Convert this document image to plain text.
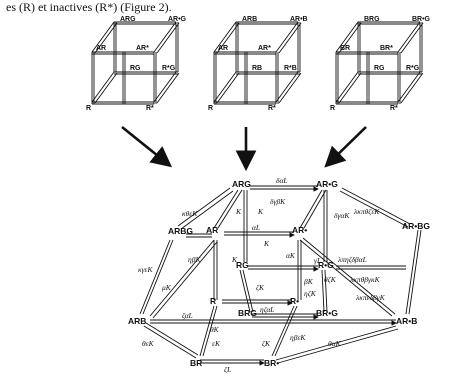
es (R) et inactives (R*) (Figure 2).
ARG	AR•G
AR	AR*
RG	R*G
R	R*
ARB	AR•B
AR	AR*
RB	R*B
R	R*
BRG	BR•G
BR	BR*
RG	R*G
R	R*
ARG	AR•G
ARBG	AR•BG
AR	AR•
RG	R•G
R	R•
BRG	BR•G
ARB	AR•B
BR	BR•
δαL
αL
γL
ζαL
ζL
δγβK
δγαK
κθεK	λκπθζεK
λπηζδβαL
λκπθβγκK
λκπεδβγK
K
K
K
αK
βK
κγεK
μK
K
ηβK
ηζK
θζK
ηβεK
θεK
θK
εK	ζK	θαK
ζK
ηζαL
